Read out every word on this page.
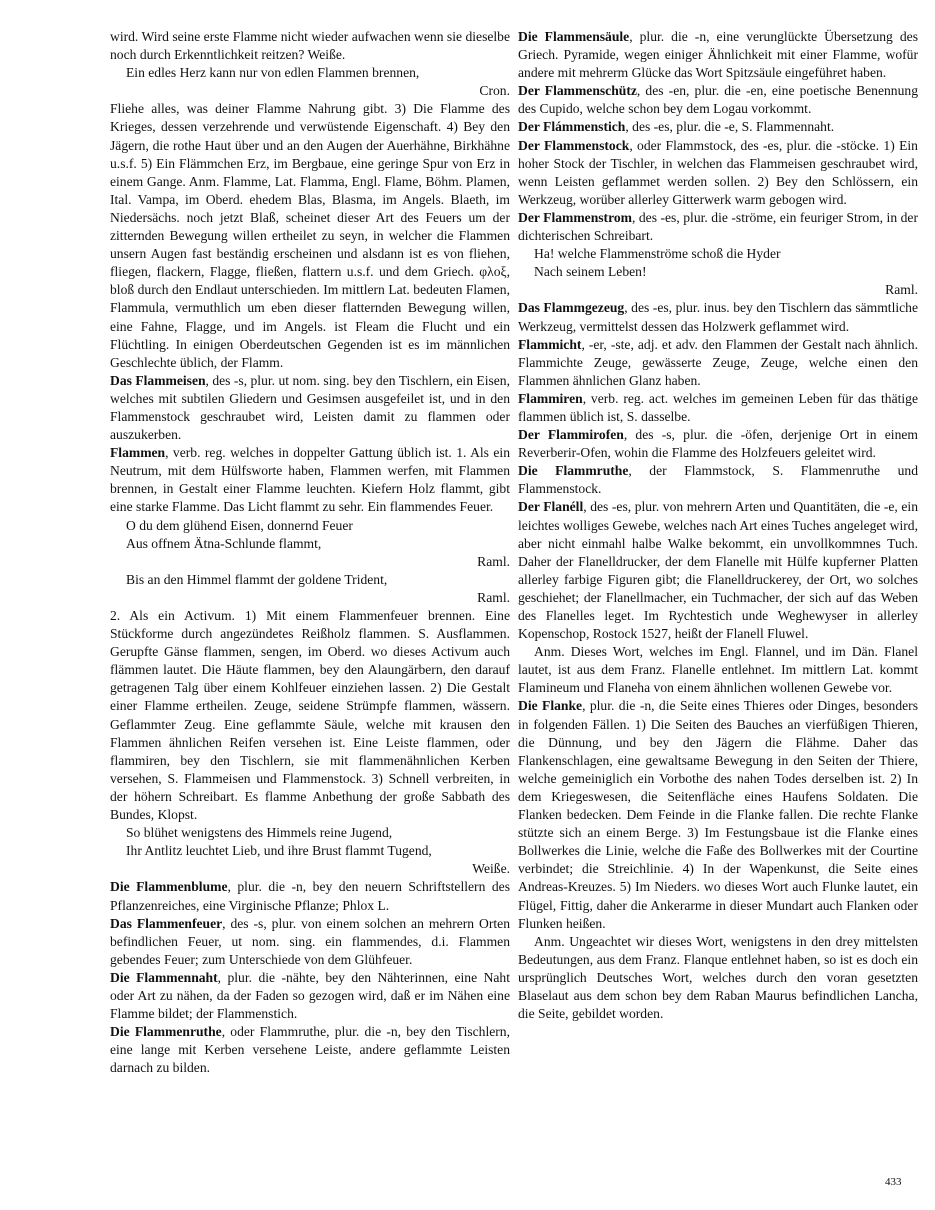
wird. Wird seine erste Flamme nicht wieder aufwachen wenn sie dieselbe noch durch Erkenntlichkeit reitzen? Weiße.

Ein edles Herz kann nur von edlen Flammen brennen,

Cron.

Fliehe alles, was deiner Flamme Nahrung gibt. 3) Die Flamme des Krieges, dessen verzehrende und verwüstende Eigenschaft. 4) Bey den Jägern, die rothe Haut über und an den Augen der Auerhähne, Birkhähne u.s.f. 5) Ein Flämmchen Erz, im Bergbaue, eine geringe Spur von Erz in einem Gange. Anm. Flamme, Lat. Flamma, Engl. Flame, Böhm. Plamen, Ital. Vampa, im Oberd. ehedem Blas, Blasma, im Angels. Blaeth, im Niedersächs. noch jetzt Blaß, scheinet dieser Art des Feuers um der zitternden Bewegung willen ertheilet zu seyn, in welcher die Flammen unsern Augen fast beständig erscheinen und alsdann ist es von fliehen, fliegen, flackern, Flagge, fließen, flattern u.s.f. und dem Griech. φλοξ, bloß durch den Endlaut unterschieden. Im mittlern Lat. bedeuten Flamen, Flammula, vermuthlich um eben dieser flatternden Bewegung willen, eine Fahne, Flagge, und im Angels. ist Fleam die Flucht und ein Flüchtling. In einigen Oberdeutschen Gegenden ist es im männlichen Geschlechte üblich, der Flamm.

Das Flammeisen, des -s, plur. ut nom. sing. bey den Tischlern, ein Eisen, welches mit subtilen Gliedern und Gesimsen ausgefeilet ist, und in den Flammenstock geschraubet wird, Leisten damit zu flammen oder auszukerben.

Flammen, verb. reg. welches in doppelter Gattung üblich ist. 1. Als ein Neutrum, mit dem Hülfsworte haben, Flammen werfen, mit Flammen brennen, in Gestalt einer Flamme leuchten. Kiefern Holz flammt, gibt eine starke Flamme. Das Licht flammt zu sehr. Ein flammendes Feuer.

O du dem glühend Eisen, donnernd Feuer

Aus offnem Ätna-Schlunde flammt,

Raml.

Bis an den Himmel flammt der goldene Trident,

Raml.

2. Als ein Activum. 1) Mit einem Flammenfeuer brennen. Eine Stückforme durch angezündetes Reißholz flammen. S. Ausflammen. Gerupfte Gänse flammen, sengen, im Oberd. wo dieses Activum auch flämmen lautet. Die Häute flammen, bey den Alaungärbern, den darauf getragenen Talg über einem Kohlfeuer einziehen lassen. 2) Die Gestalt einer Flamme ertheilen. Zeuge, seidene Strümpfe flammen, wässern. Geflammter Zeug. Eine geflammte Säule, welche mit krausen den Flammen ähnlichen Reifen versehen ist. Eine Leiste flammen, oder flammiren, bey den Tischlern, sie mit flammenähnlichen Kerben versehen, S. Flammeisen und Flammenstock. 3) Schnell verbreiten, in der höhern Schreibart. Es flamme Anbethung der große Sabbath des Bundes, Klopst.

So blühet wenigstens des Himmels reine Jugend,

Ihr Antlitz leuchtet Lieb, und ihre Brust flammt Tugend,

Weiße.

Die Flammenblume, plur. die -n, bey den neuern Schriftstellern des Pflanzenreiches, eine Virginische Pflanze; Phlox L.

Das Flammenfeuer, des -s, plur. von einem solchen an mehrern Orten befindlichen Feuer, ut nom. sing. ein flammendes, d.i. Flammen gebendes Feuer; zum Unterschiede von dem Glühfeuer.

Die Flammennaht, plur. die -nähte, bey den Nähterinnen, eine Naht oder Art zu nähen, da der Faden so gezogen wird, daß er im Nähen eine Flamme bildet; der Flammenstich.

Die Flammenruthe, oder Flammruthe, plur. die -n, bey den Tischlern, eine lange mit Kerben versehene Leiste, andere geflammte Leisten darnach zu bilden.

Die Flammensäule, plur. die -n, eine verunglückte Übersetzung des Griech. Pyramide, wegen einiger Ähnlichkeit mit einer Flamme, wofür andere mit mehrerm Glücke das Wort Spitzsäule eingeführet haben.

Der Flammenschütz, des -en, plur. die -en, eine poetische Benennung des Cupido, welche schon bey dem Logau vorkommt.

Der Flámmenstich, des -es, plur. die -e, S. Flammennaht.

Der Flammenstock, oder Flammstock, des -es, plur. die -stöcke. 1) Ein hoher Stock der Tischler, in welchen das Flammeisen geschraubet wird, wenn Leisten geflammet werden sollen. 2) Bey den Schlössern, ein Werkzeug, worüber allerley Gitterwerk warm gebogen wird.

Der Flammenstrom, des -es, plur. die -ströme, ein feuriger Strom, in der dichterischen Schreibart.

Ha! welche Flammenströme schoß die Hyder

Nach seinem Leben!

Raml.

Das Flammgezeug, des -es, plur. inus. bey den Tischlern das sämmtliche Werkzeug, vermittelst dessen das Holzwerk geflammet wird.

Flammicht, -er, -ste, adj. et adv. den Flammen der Gestalt nach ähnlich. Flammichte Zeuge, gewässerte Zeuge, Zeuge, welche einen den Flammen ähnlichen Glanz haben.

Flammiren, verb. reg. act. welches im gemeinen Leben für das thätige flammen üblich ist, S. dasselbe.

Der Flammirofen, des -s, plur. die -öfen, derjenige Ort in einem Reverberir-Ofen, wohin die Flamme des Holzfeuers geleitet wird.

Die Flammruthe, der Flammstock, S. Flammenruthe und Flammenstock.

Der Flanéll, des -es, plur. von mehrern Arten und Quantitäten, die -e, ein leichtes wolliges Gewebe, welches nach Art eines Tuches angeleget wird, aber nicht einmahl halbe Walke bekommt, ein unvollkommnes Tuch. Daher der Flanelldrucker, der dem Flanelle mit Hülfe kupferner Platten allerley farbige Figuren gibt; die Flanelldruckerey, der Ort, wo solches geschiehet; der Flanellmacher, ein Tuchmacher, der sich auf das Weben des Flanelles leget. Im Rychtestich unde Weghewyser in allerley Kopenschop, Rostock 1527, heißt der Flanell Fluwel.

Anm. Dieses Wort, welches im Engl. Flannel, und im Dän. Flanel lautet, ist aus dem Franz. Flanelle entlehnet. Im mittlern Lat. kommt Flamineum und Flaneha von einem ähnlichen wollenen Gewebe vor.

Die Flanke, plur. die -n, die Seite eines Thieres oder Dinges, besonders in folgenden Fällen. 1) Die Seiten des Bauches an vierfüßigen Thieren, die Dünnung, und bey den Jägern die Flähme. Daher das Flankenschlagen, eine gewaltsame Bewegung in den Seiten der Thiere, welche gemeiniglich ein Vorbothe des nahen Todes derselben ist. 2) In dem Kriegeswesen, die Seitenfläche eines Haufens Soldaten. Die Flanken bedecken. Dem Feinde in die Flanke fallen. Die rechte Flanke stützte sich an einem Berge. 3) Im Festungsbaue ist die Flanke eines Bollwerkes die Linie, welche die Faße des Bollwerkes mit der Courtine verbindet; die Streichlinie. 4) In der Wapenkunst, die Seite eines Andreas-Kreuzes. 5) Im Nieders. wo dieses Wort auch Flunke lautet, ein Flügel, Fittig, daher die Ankerarme in dieser Mundart auch Flanken oder Flunken heißen.

Anm. Ungeachtet wir dieses Wort, wenigstens in den drey mittelsten Bedeutungen, aus dem Franz. Flanque entlehnet haben, so ist es doch ein ursprünglich Deutsches Wort, welches durch den voran gesetzten Blaselaut aus dem schon bey dem Raban Maurus befindlichen Lancha, die Seite, gebildet worden.

433
